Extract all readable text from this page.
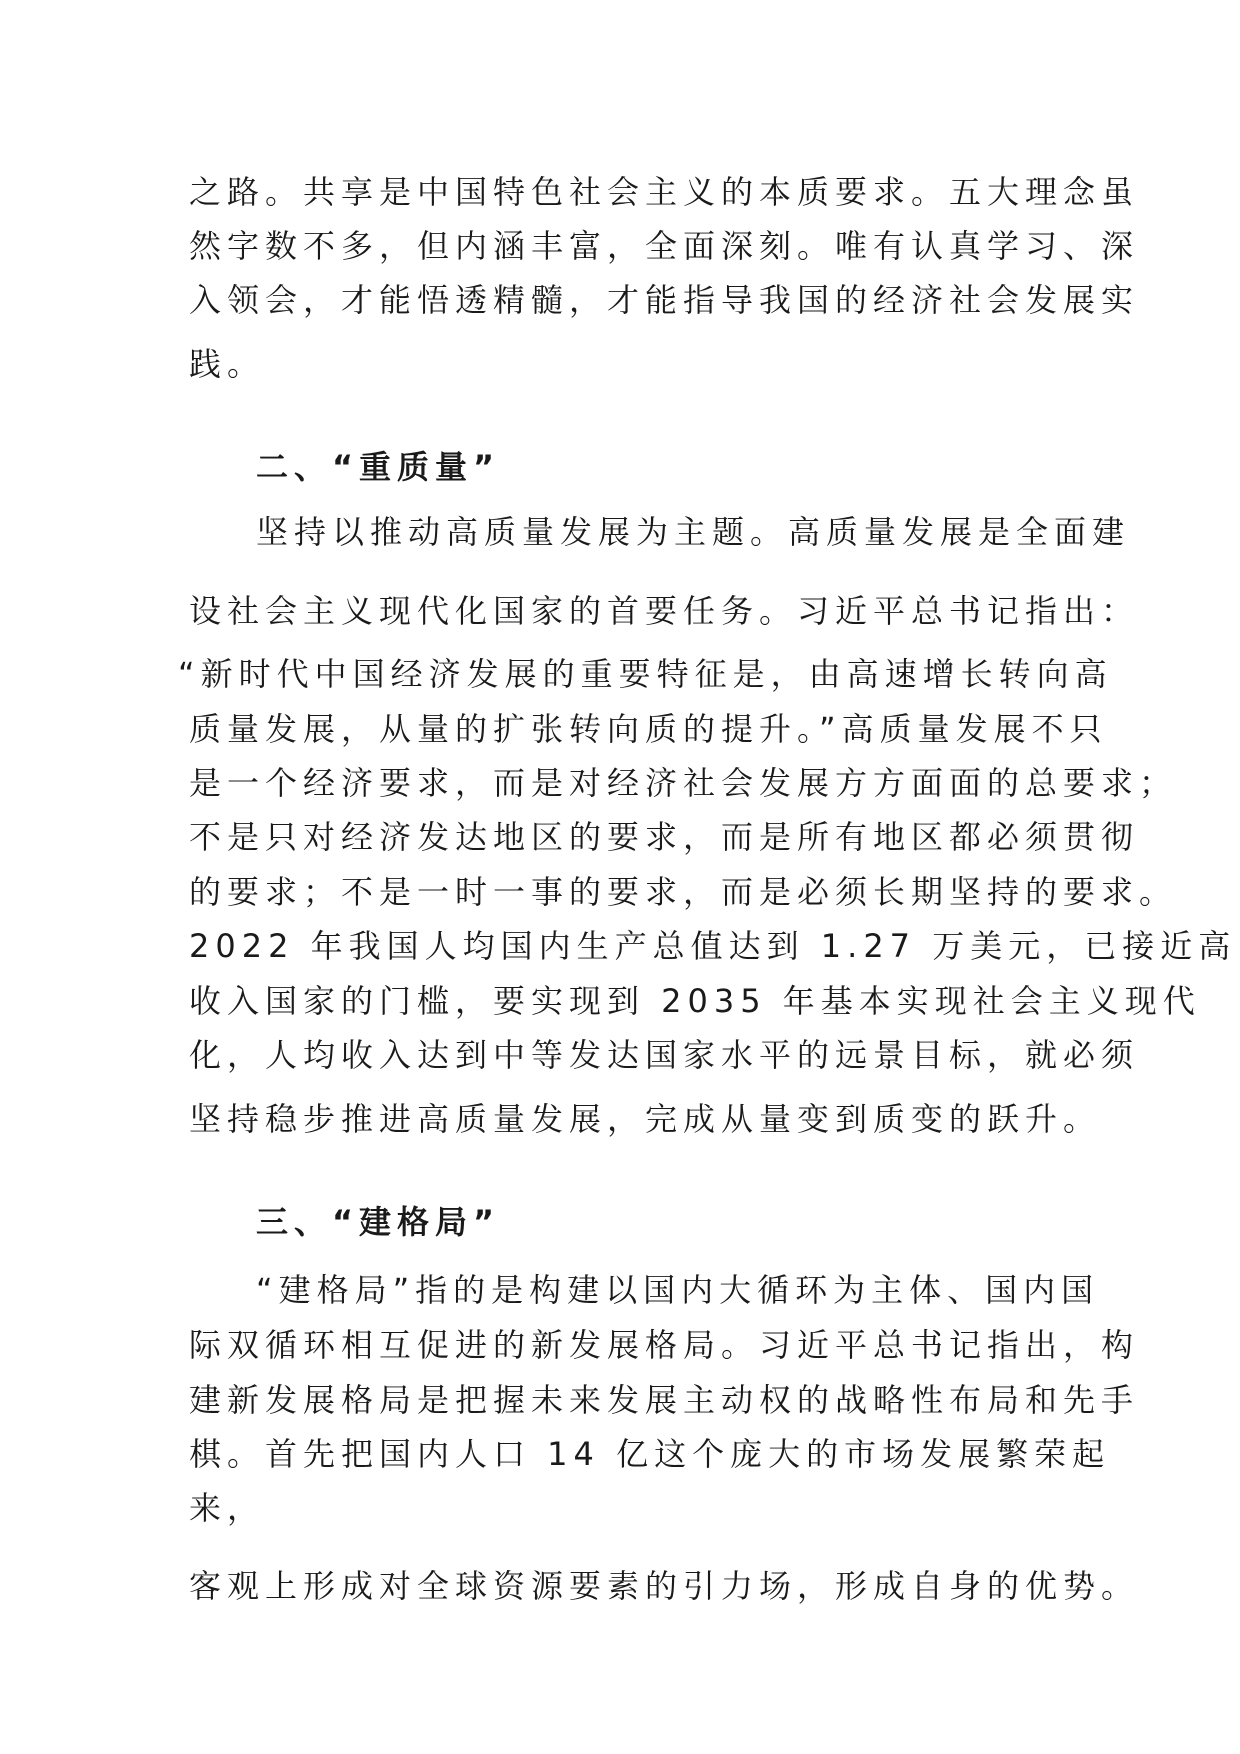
之路。共享是中国特色社会主义的本质要求。五大理念虽
然字数不多，但内涵丰富，全面深刻。唯有认真学习、深
入领会，才能悟透精髓，才能指导我国的经济社会发展实
践。
二、“重质量”
坚持以推动高质量发展为主题。高质量发展是全面建
设社会主义现代化国家的首要任务。习近平总书记指出：
“新时代中国经济发展的重要特征是，由高速增长转向高
质量发展，从量的扩张转向质的提升。”高质量发展不只
是一个经济要求，而是对经济社会发展方方面面的总要求；
不是只对经济发达地区的要求，而是所有地区都必须贯彻
的要求；不是一时一事的要求，而是必须长期坚持的要求。
2022 年我国人均国内生产总值达到 1.27 万美元，已接近高
收入国家的门槛，要实现到 2035 年基本实现社会主义现代
化，人均收入达到中等发达国家水平的远景目标，就必须
坚持稳步推进高质量发展，完成从量变到质变的跃升。
三、“建格局”
“建格局”指的是构建以国内大循环为主体、国内国
际双循环相互促进的新发展格局。习近平总书记指出，构
建新发展格局是把握未来发展主动权的战略性布局和先手
棋。首先把国内人口 14 亿这个庞大的市场发展繁荣起
来，
客观上形成对全球资源要素的引力场，形成自身的优势。
